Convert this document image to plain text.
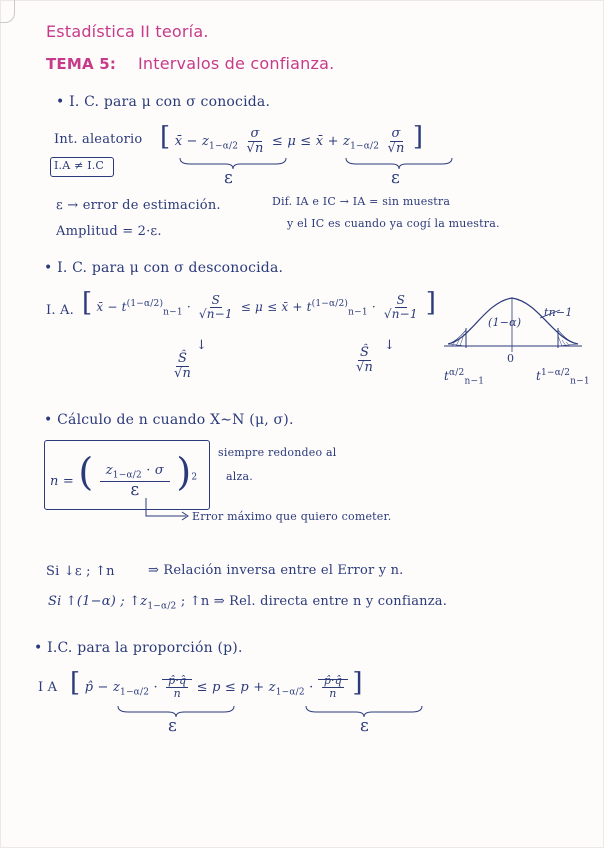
Estadística II teoría.
TEMA 5: Intervalos de confianza.
• I. C. para μ con σ conocida.
Int. aleatorio [ x̄ − $z_{1-\alpha/2} \frac{\sigma}{√n} \le \mu$ ≤ x̄ + $z_{1-\alpha/2} \frac{\sigma}{√n}$ ]
I.A ≠ I.C
ε	ε
ε → error de estimación.
Amplitud = 2·ε.
Dif. IA e IC → IA = sin muestra
y el IC es cuando ya cogí la muestra.
• I. C. para μ con σ desconocida.
I. A. [ x̄ − $t^{(1-\alpha/2)}_{n-1} \cdot \frac{S}{√n-1} \le \mu$ ≤ x̄ + $t^{(1-\alpha/2)}_{n-1} \cdot \frac{S}{√n-1}$ ]
↓
$\frac{Ŝ}{√n}$
↓
$\frac{Ŝ}{√n}$
(1−α)
0
tn−1
$t^{\alpha/2}_{n-1}$	$t^{1-\alpha/2}_{n-1}$
• Cálculo de n cuando X∼N (μ, σ).
n = ( $\frac{z_{1-\alpha/2} \cdot \sigma}{\varepsilon} )^2$
siempre redondeo al
alza.
Error máximo que quiero cometer.
Si ↓ε ; ↑n	⇒ Relación inversa entre el Error y n.
Si ↑(1−α) ; $↑z_{1-\alpha/2}$ ; ↑n ⇒ Rel. directa entre n y confianza.
• I.C. para la proporción (p).
I A [ p̂ − $z_{1-\alpha/2} \cdot \frac{p̂\cdot q̂}{n} \le p \le p + z_{1-\alpha/2} \cdot \frac{p̂\cdot q̂}{n}$ ]
ε	ε
